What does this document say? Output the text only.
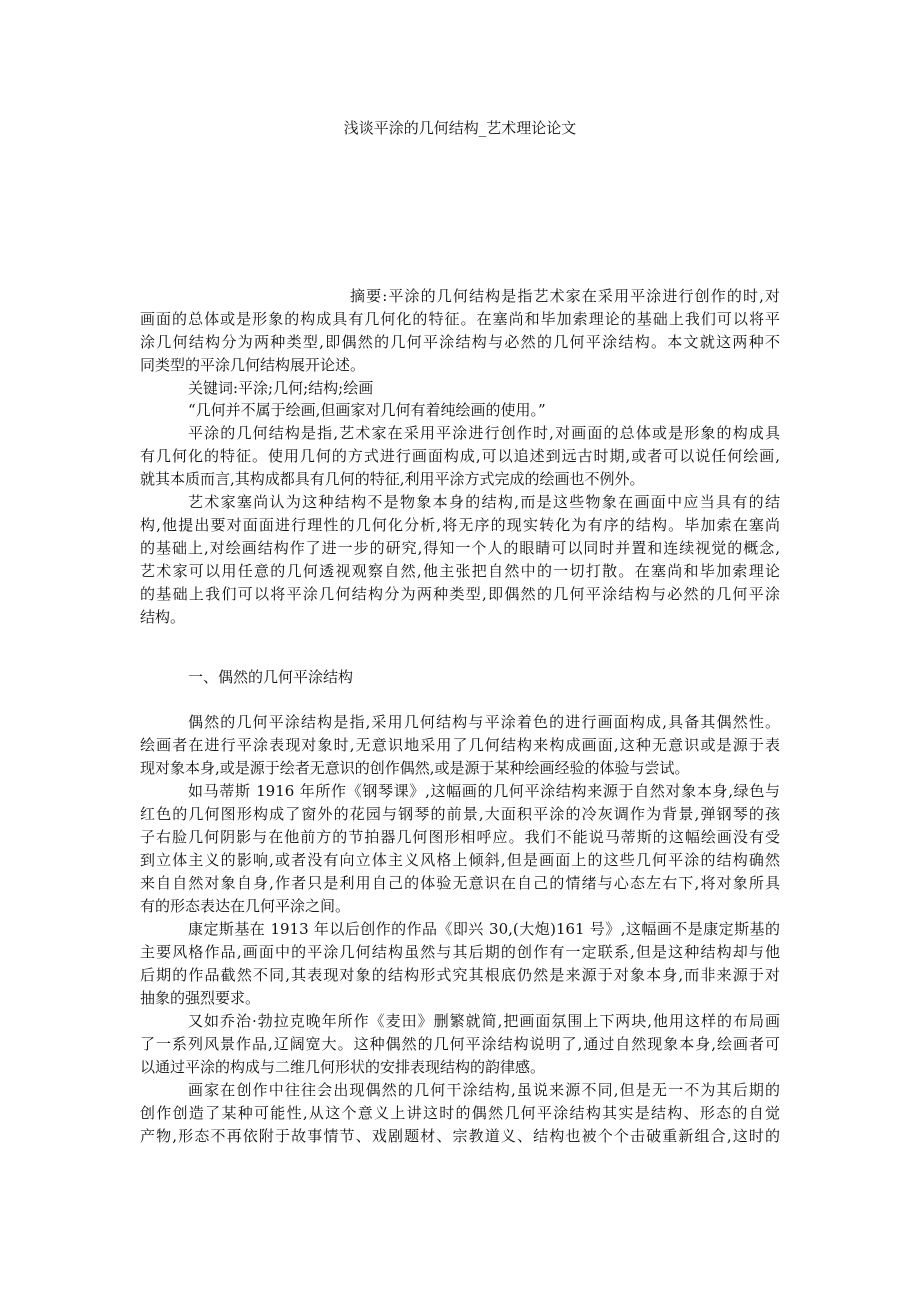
浅谈平涂的几何结构_艺术理论论文
摘要:平涂的几何结构是指艺术家在采用平涂进行创作的时,对
画面的总体或是形象的构成具有几何化的特征。在塞尚和毕加索理论的基础上我们可以将平
涂几何结构分为两种类型,即偶然的几何平涂结构与必然的几何平涂结构。本文就这两种不
同类型的平涂几何结构展开论述。
关键词:平涂;几何;结构;绘画
“几何并不属于绘画,但画家对几何有着纯绘画的使用。”
平涂的几何结构是指,艺术家在采用平涂进行创作时,对画面的总体或是形象的构成具
有几何化的特征。使用几何的方式进行画面构成,可以追述到远古时期,或者可以说任何绘画,
就其本质而言,其构成都具有几何的特征,利用平涂方式完成的绘画也不例外。
艺术家塞尚认为这种结构不是物象本身的结构,而是这些物象在画面中应当具有的结
构,他提出要对面面进行理性的几何化分析,将无序的现实转化为有序的结构。毕加索在塞尚
的基础上,对绘画结构作了进一步的研究,得知一个人的眼睛可以同时并置和连续视觉的概念,
艺术家可以用任意的几何透视观察自然,他主张把自然中的一切打散。在塞尚和毕加索理论
的基础上我们可以将平涂几何结构分为两种类型,即偶然的几何平涂结构与必然的几何平涂
结构。
一、偶然的几何平涂结构
偶然的几何平涂结构是指,采用几何结构与平涂着色的进行画面构成,具备其偶然性。
绘画者在进行平涂表现对象时,无意识地采用了几何结构来构成画面,这种无意识或是源于表
现对象本身,或是源于绘者无意识的创作偶然,或是源于某种绘画经验的体验与尝试。
如马蒂斯 1916 年所作《钢琴课》,这幅画的几何平涂结构来源于自然对象本身,绿色与
红色的几何图形构成了窗外的花园与钢琴的前景,大面积平涂的冷灰调作为背景,弹钢琴的孩
子右脸几何阴影与在他前方的节拍器几何图形相呼应。我们不能说马蒂斯的这幅绘画没有受
到立体主义的影响,或者没有向立体主义风格上倾斜,但是画面上的这些几何平涂的结构确然
来自自然对象自身,作者只是利用自己的体验无意识在自己的情绪与心态左右下,将对象所具
有的形态表达在几何平涂之间。
康定斯基在 1913 年以后创作的作品《即兴 30,(大炮)161 号》,这幅画不是康定斯基的
主要风格作品,画面中的平涂几何结构虽然与其后期的创作有一定联系,但是这种结构却与他
后期的作品截然不同,其表现对象的结构形式究其根底仍然是来源于对象本身,而非来源于对
抽象的强烈要求。
又如乔治·勃拉克晚年所作《麦田》删繁就简,把画面氛围上下两块,他用这样的布局画
了一系列风景作品,辽阔宽大。这种偶然的几何平涂结构说明了,通过自然现象本身,绘画者可
以通过平涂的构成与二维几何形状的安排表现结构的韵律感。
画家在创作中往往会出现偶然的几何干涂结构,虽说来源不同,但是无一不为其后期的
创作创造了某种可能性,从这个意义上讲这时的偶然几何平涂结构其实是结构、形态的自觉
产物,形态不再依附于故事情节、戏剧题材、宗教道义、结构也被个个击破重新组合,这时的
